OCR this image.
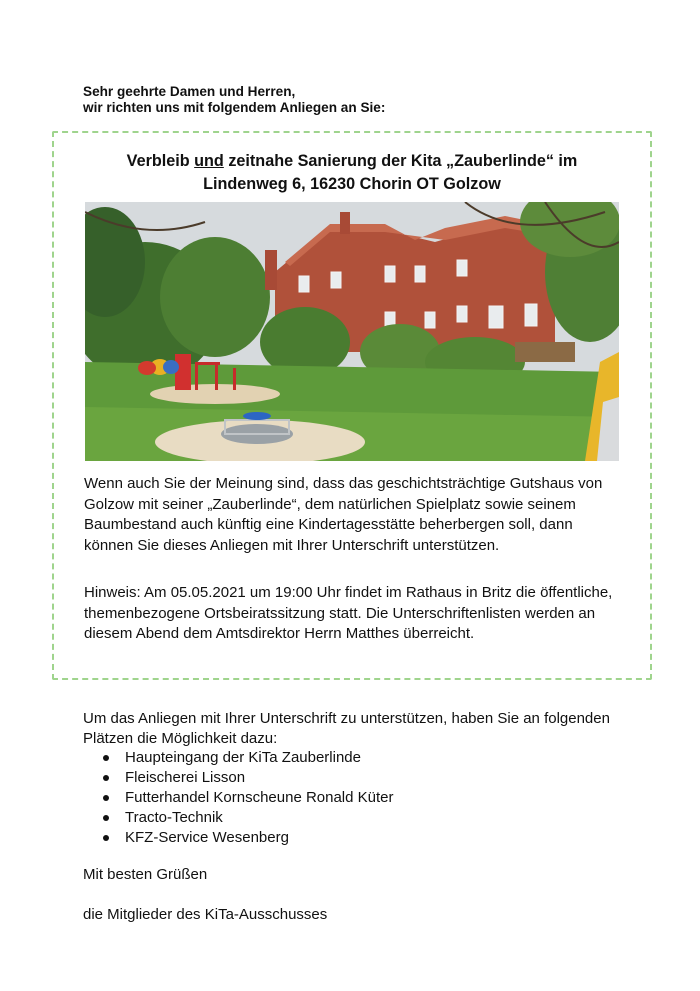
Sehr geehrte Damen und Herren,
wir richten uns mit folgendem Anliegen an Sie:
Verbleib und zeitnahe Sanierung der Kita „Zauberlinde“ im
Lindenweg 6, 16230 Chorin OT Golzow
Wenn auch Sie der Meinung sind, dass das geschichtsträchtige Gutshaus von Golzow mit seiner „Zauberlinde“, dem natürlichen Spielplatz sowie seinem Baumbestand auch künftig eine Kindertagesstätte beherbergen soll, dann können Sie dieses Anliegen mit Ihrer Unterschrift unterstützen.
Hinweis: Am 05.05.2021 um 19:00 Uhr findet im Rathaus in Britz die öffentliche, themenbezogene Ortsbeiratssitzung statt. Die Unterschriftenlisten werden an diesem Abend dem Amtsdirektor Herrn Matthes überreicht.
Um das Anliegen mit Ihrer Unterschrift zu unterstützen, haben Sie an folgenden Plätzen die Möglichkeit dazu:
Haupteingang der KiTa Zauberlinde
Fleischerei Lisson
Futterhandel Kornscheune Ronald Küter
Tracto-Technik
KFZ-Service Wesenberg
Mit besten Grüßen
die Mitglieder des KiTa-Ausschusses
